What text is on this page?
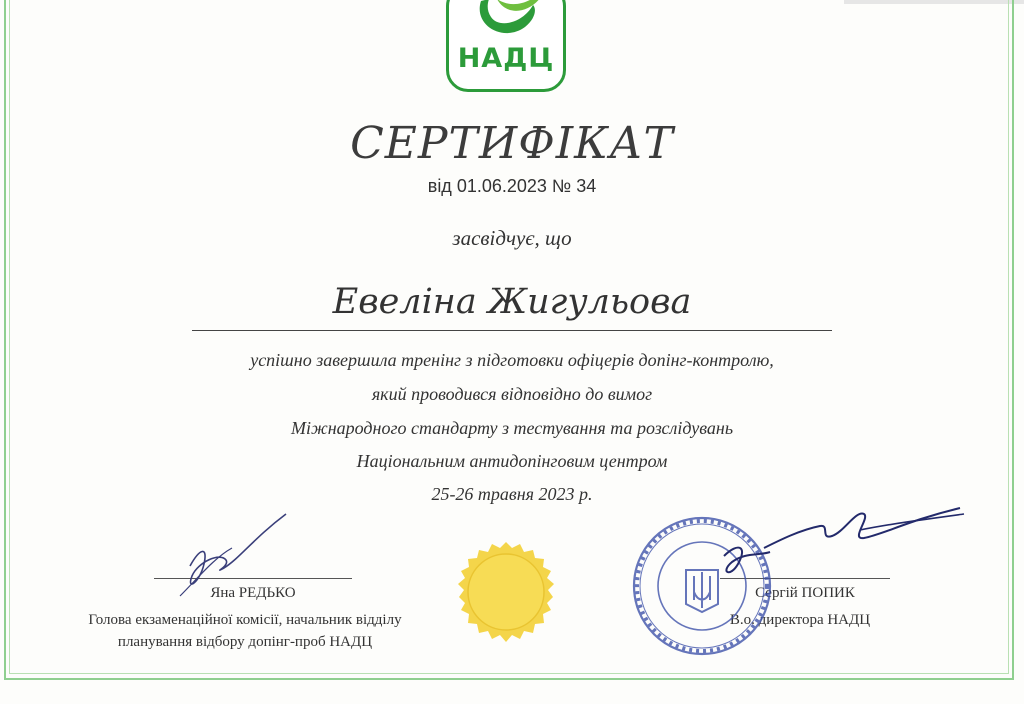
НАДЦ
СЕРТИФІКАТ
від 01.06.2023 № 34
засвідчує, що
Евеліна Жигульова
успішно завершила тренінг з підготовки офіцерів допінг-контролю,
який проводився відповідно до вимог
Міжнародного стандарту з тестування та розслідувань
Національним антидопінговим центром
25-26 травня 2023 р.
Яна РЕДЬКО
Голова екзаменаційної комісії, начальник відділу
планування відбору допінг-проб НАДЦ
Сергій ПОПИК
В.о. директора НАДЦ
